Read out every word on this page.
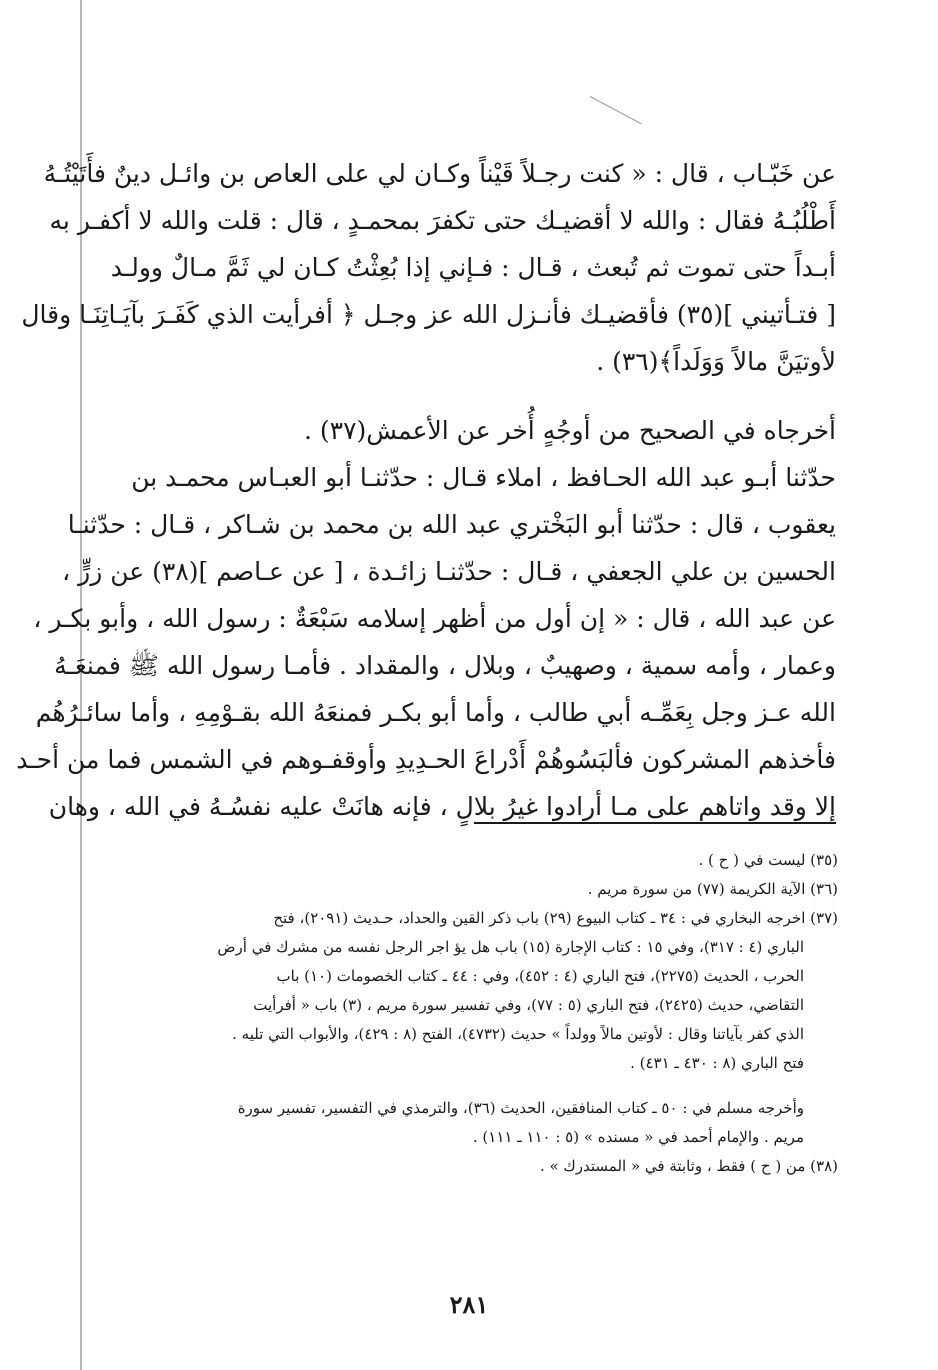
عن خَبّـاب ، قال : « كنت رجـلاً قَيْناً وكـان لي على العاص بن وائـل دينٌ فأَتَيْتُـهُ
أَطْلُبُـهُ فقال : والله لا أقضيـك حتى تكفرَ بمحمـدٍ ، قال : قلت والله لا أكفـر به
أبـداً حتى تموت ثم تُبعث ، قـال : فـإني إذا بُعِثْتُ كـان لي ثَمَّ مـالٌ وولـد
[ فتـأتيني ](٣٥) فأقضيـك فأنـزل الله عز وجـل ﴿ أفرأيت الذي كَفَـرَ بآيَـاتِنَـا وقال
لأوتيَنَّ مالاً وَوَلَداً﴾(٣٦) .
أخرجاه في الصحيح من أوجُهٍ أُخر عن الأعمش(٣٧) .
حدّثنا أبـو عبد الله الحـافظ ، املاء قـال : حدّثنـا أبو العبـاس محمـد بن
يعقوب ، قال : حدّثنا أبو البَخْتري عبد الله بن محمد بن شـاكر ، قـال : حدّثنـا
الحسين بن علي الجعفي ، قـال : حدّثنـا زائـدة ، [ عن عـاصم ](٣٨) عن زرٍّ ،
عن عبد الله ، قال : « إن أول من أظهر إسلامه سَبْعَةٌ : رسول الله ، وأبو بكـر ،
وعمار ، وأمه سمية ، وصهيبٌ ، وبلال ، والمقداد . فأمـا رسول الله ﷺ فمنعَـهُ
الله عـز وجل بِعَمِّـه أبي طالب ، وأما أبو بكـر فمنعَهُ الله بقـوْمِهِ ، وأما سائـرُهُم
فأخذهم المشركون فألبَسُوهُمْ أَدْراعَ الحـدِيدِ وأوقفـوهم في الشمس فما من أحـد
إلا وقد واتاهم على مـا أرادوا غيرُ بلالٍ ، فإنه هانَتْ عليه نفسُـهُ في الله ، وهان
(٣٥) ليست في ( ح ) .
(٣٦) الآية الكريمة (٧٧) من سورة مريم .
(٣٧) اخرجه البخاري في : ٣٤ ـ كتاب البيوع (٢٩) باب ذكر القين والحداد، حـديث (٢٠٩١)، فتح
الباري (٤ : ٣١٧)، وفي ١٥ : كتاب الإجارة (١٥) باب هل يؤ اجر الرجل نفسه من مشرك في أرض
الحرب ، الحديث (٢٢٧٥)، فتح الباري (٤ : ٤٥٢)، وفي : ٤٤ ـ كتاب الخصومات (١٠) باب
التقاضي، حديث (٢٤٢٥)، فتح الباري (٥ : ٧٧)، وفي تفسير سورة مريم ، (٣) باب « أفرأيت
الذي كفر بآياتنا وقال : لأوتين مالاً وولداً » حديث (٤٧٣٢)، الفتح (٨ : ٤٢٩)، والأبواب التي تليه .
فتح الباري (٨ : ٤٣٠ ـ ٤٣١) .
وأخرجه مسلم في : ٥٠ ـ كتاب المنافقين، الحديث (٣٦)، والترمذي في التفسير، تفسير سورة
مريم . والإمام أحمد في « مسنده » (٥ : ١١٠ ـ ١١١) .
(٣٨) من ( ح ) فقط ، وثابتة في « المستدرك » .
٢٨١
